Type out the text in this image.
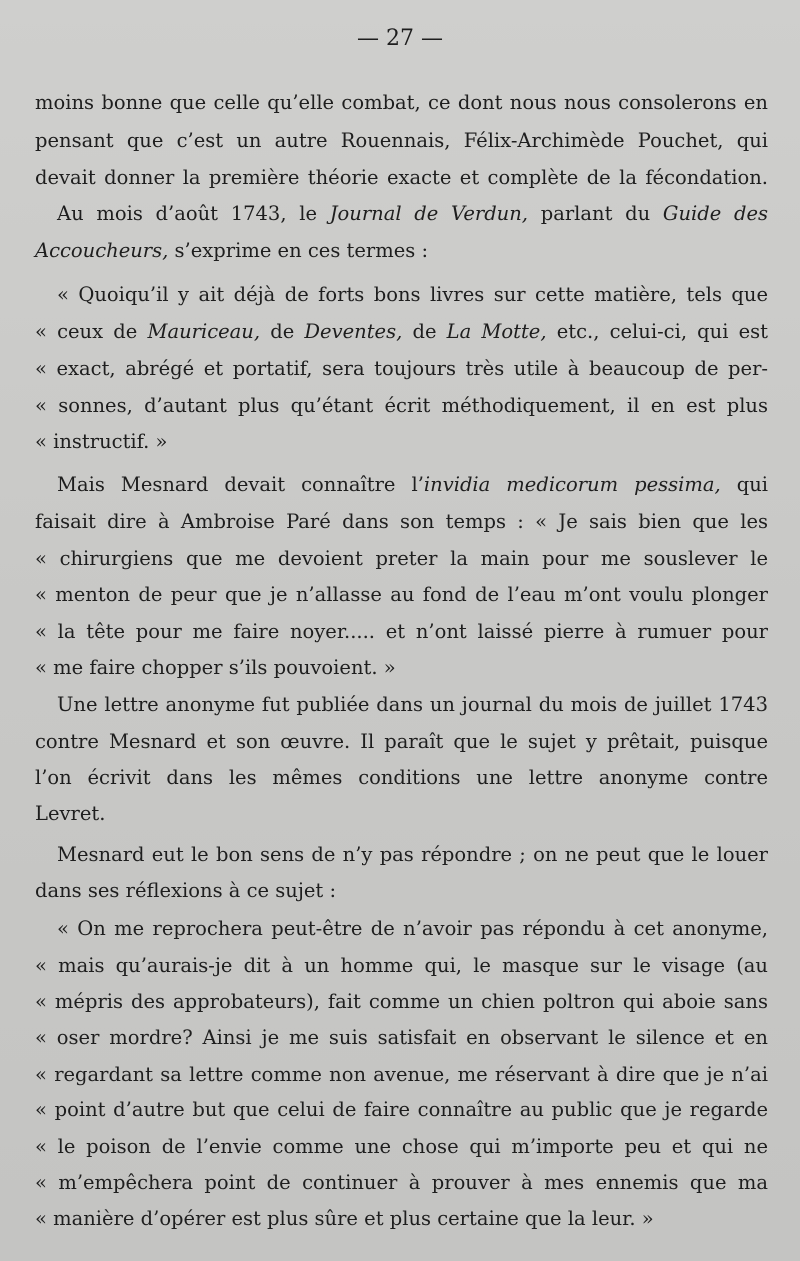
— 27 —
moins bonne que celle qu’elle combat, ce dont nous nous consolerons en
pensant que c’est un autre Rouennais, Félix-Archimède Pouchet, qui
devait donner la première théorie exacte et complète de la fécondation.
Au mois d’août 1743, le Journal de Verdun, parlant du Guide des
Accoucheurs, s’exprime en ces termes :
« Quoiqu’il y ait déjà de forts bons livres sur cette matière, tels que
« ceux de Mauriceau, de Deventes, de La Motte, etc., celui-ci, qui est
« exact, abrégé et portatif, sera toujours très utile à beaucoup de per-
« sonnes, d’autant plus qu’étant écrit méthodiquement, il en est plus
« instructif. »
Mais Mesnard devait connaître l’invidia medicorum pessima, qui
faisait dire à Ambroise Paré dans son temps : « Je sais bien que les
« chirurgiens que me devoient preter la main pour me souslever le
« menton de peur que je n’allasse au fond de l’eau m’ont voulu plonger
« la tête pour me faire noyer..... et n’ont laissé pierre à rumuer pour
« me faire chopper s’ils pouvoient. »
Une lettre anonyme fut publiée dans un journal du mois de juillet 1743
contre Mesnard et son œuvre. Il paraît que le sujet y prêtait, puisque
l’on écrivit dans les mêmes conditions une lettre anonyme contre
Levret.
Mesnard eut le bon sens de n’y pas répondre ; on ne peut que le louer
dans ses réflexions à ce sujet :
« On me reprochera peut-être de n’avoir pas répondu à cet anonyme,
« mais qu’aurais-je dit à un homme qui, le masque sur le visage (au
« mépris des approbateurs), fait comme un chien poltron qui aboie sans
« oser mordre? Ainsi je me suis satisfait en observant le silence et en
« regardant sa lettre comme non avenue, me réservant à dire que je n’ai
« point d’autre but que celui de faire connaître au public que je regarde
« le poison de l’envie comme une chose qui m’importe peu et qui ne
« m’empêchera point de continuer à prouver à mes ennemis que ma
« manière d’opérer est plus sûre et plus certaine que la leur. »
